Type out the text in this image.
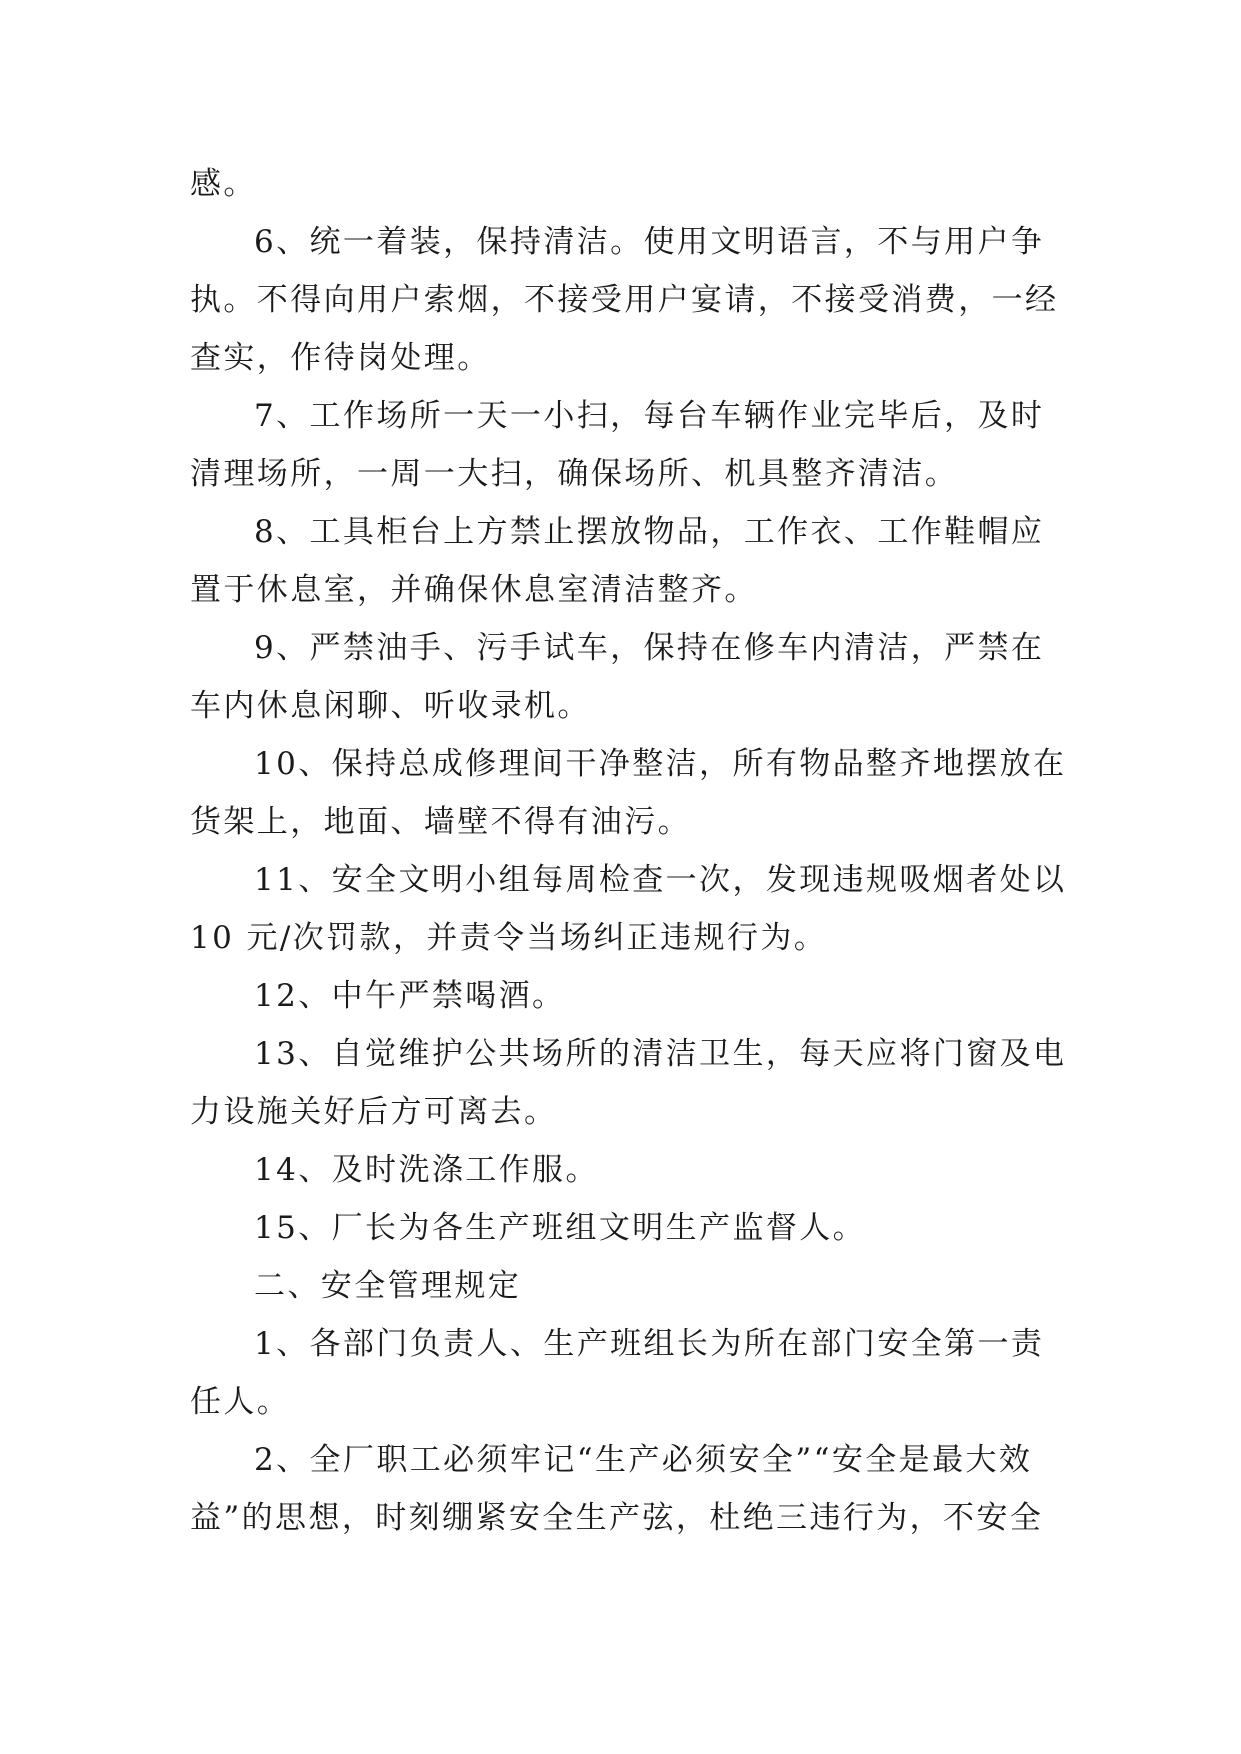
感。
6、统一着装，保持清洁。使用文明语言，不与用户争
执。不得向用户索烟，不接受用户宴请，不接受消费，一经
查实，作待岗处理。
7、工作场所一天一小扫，每台车辆作业完毕后，及时
清理场所，一周一大扫，确保场所、机具整齐清洁。
8、工具柜台上方禁止摆放物品，工作衣、工作鞋帽应
置于休息室，并确保休息室清洁整齐。
9、严禁油手、污手试车，保持在修车内清洁，严禁在
车内休息闲聊、听收录机。
10、保持总成修理间干净整洁，所有物品整齐地摆放在
货架上，地面、墙壁不得有油污。
11、安全文明小组每周检查一次，发现违规吸烟者处以
10 元/次罚款，并责令当场纠正违规行为。
12、中午严禁喝酒。
13、自觉维护公共场所的清洁卫生，每天应将门窗及电
力设施关好后方可离去。
14、及时洗涤工作服。
15、厂长为各生产班组文明生产监督人。
二、安全管理规定
1、各部门负责人、生产班组长为所在部门安全第一责
任人。
2、全厂职工必须牢记“生产必须安全”“安全是最大效
益”的思想，时刻绷紧安全生产弦，杜绝三违行为，不安全
